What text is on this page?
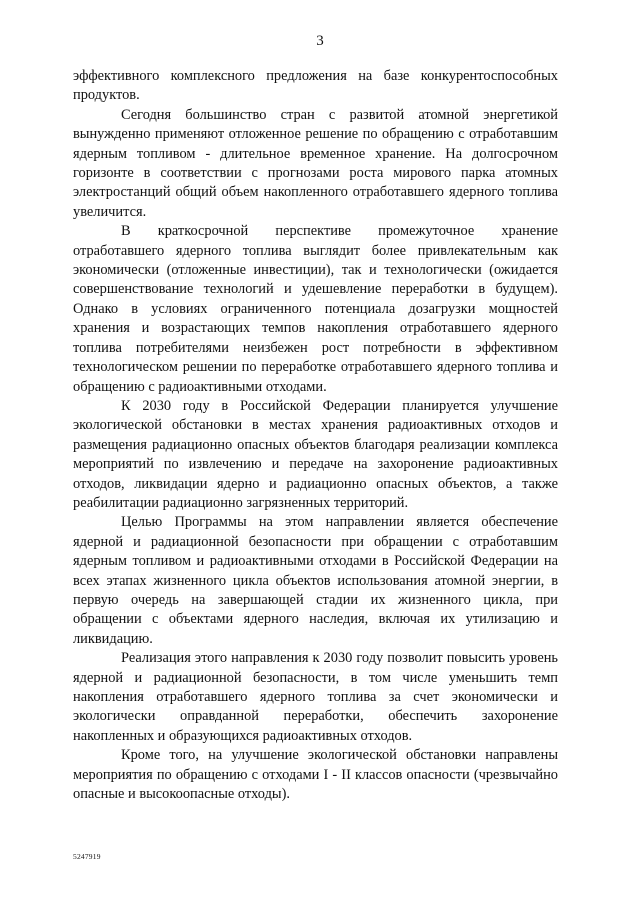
3

эффективного комплексного предложения на базе конкурентоспособных продуктов.

Сегодня большинство стран с развитой атомной энергетикой вынужденно применяют отложенное решение по обращению с отработавшим ядерным топливом - длительное временное хранение. На долгосрочном горизонте в соответствии с прогнозами роста мирового парка атомных электростанций общий объем накопленного отработавшего ядерного топлива увеличится.

В краткосрочной перспективе промежуточное хранение отработавшего ядерного топлива выглядит более привлекательным как экономически (отложенные инвестиции), так и технологически (ожидается совершенствование технологий и удешевление переработки в будущем). Однако в условиях ограниченного потенциала дозагрузки мощностей хранения и возрастающих темпов накопления отработавшего ядерного топлива потребителями неизбежен рост потребности в эффективном технологическом решении по переработке отработавшего ядерного топлива и обращению с радиоактивными отходами.

К 2030 году в Российской Федерации планируется улучшение экологической обстановки в местах хранения радиоактивных отходов и размещения радиационно опасных объектов благодаря реализации комплекса мероприятий по извлечению и передаче на захоронение радиоактивных отходов, ликвидации ядерно и радиационно опасных объектов, а также реабилитации радиационно загрязненных территорий.

Целью Программы на этом направлении является обеспечение ядерной и радиационной безопасности при обращении с отработавшим ядерным топливом и радиоактивными отходами в Российской Федерации на всех этапах жизненного цикла объектов использования атомной энергии, в первую очередь на завершающей стадии их жизненного цикла, при обращении с объектами ядерного наследия, включая их утилизацию и ликвидацию.

Реализация этого направления к 2030 году позволит повысить уровень ядерной и радиационной безопасности, в том числе уменьшить темп накопления отработавшего ядерного топлива за счет экономически и экологически оправданной переработки, обеспечить захоронение накопленных и образующихся радиоактивных отходов.

Кроме того, на улучшение экологической обстановки направлены мероприятия по обращению с отходами I - II классов опасности (чрезвычайно опасные и высокоопасные отходы).

5247919
